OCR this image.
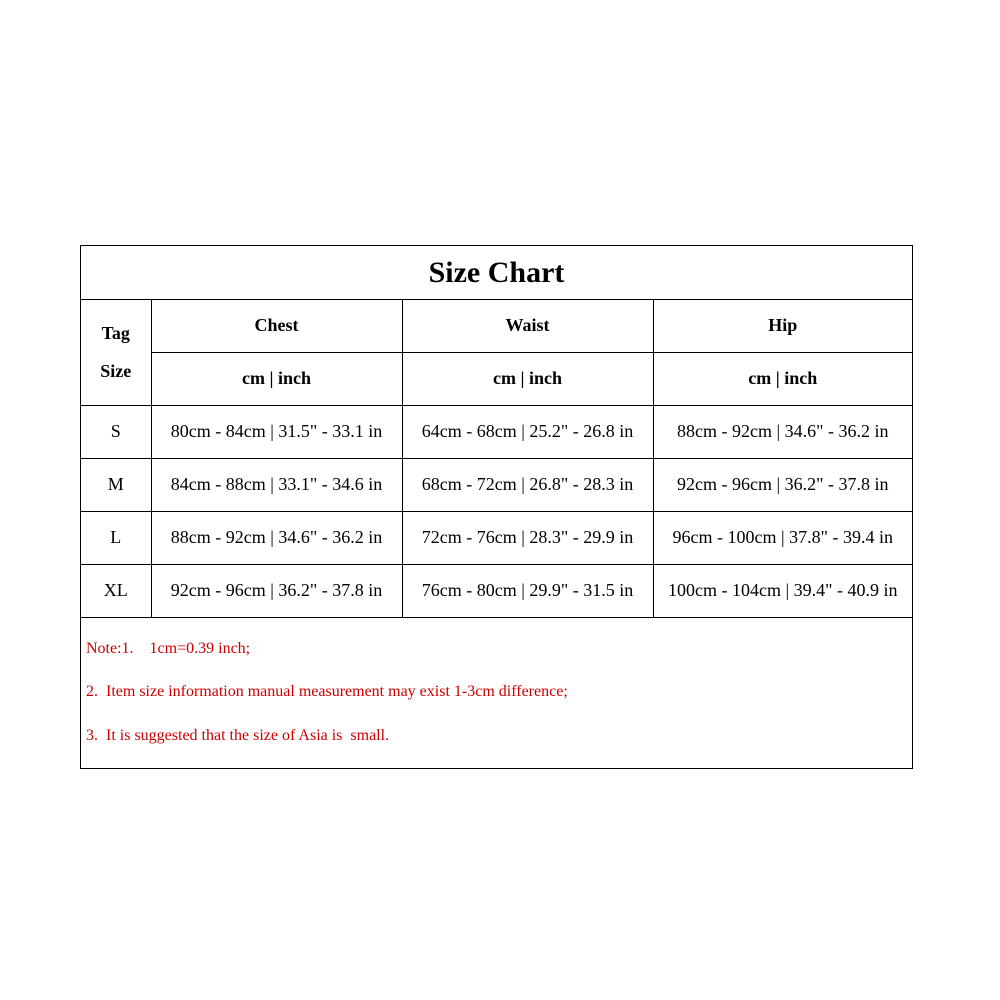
Size Chart
Tag
Size	Chest	Waist	Hip
	cm | inch	cm | inch	cm | inch
S	80cm - 84cm | 31.5" - 33.1 in	64cm - 68cm | 25.2" - 26.8 in	88cm - 92cm | 34.6" - 36.2 in
M	84cm - 88cm | 33.1" - 34.6 in	68cm - 72cm | 26.8" - 28.3 in	92cm - 96cm | 36.2" - 37.8 in
L	88cm - 92cm | 34.6" - 36.2 in	72cm - 76cm | 28.3" - 29.9 in	96cm - 100cm | 37.8" - 39.4 in
XL	92cm - 96cm | 36.2" - 37.8 in	76cm - 80cm | 29.9" - 31.5 in	100cm - 104cm | 39.4" - 40.9 in
Note:1.    1cm=0.39 inch;
2.  Item size information manual measurement may exist 1-3cm difference;
3.  It is suggested that the size of Asia is  small.
